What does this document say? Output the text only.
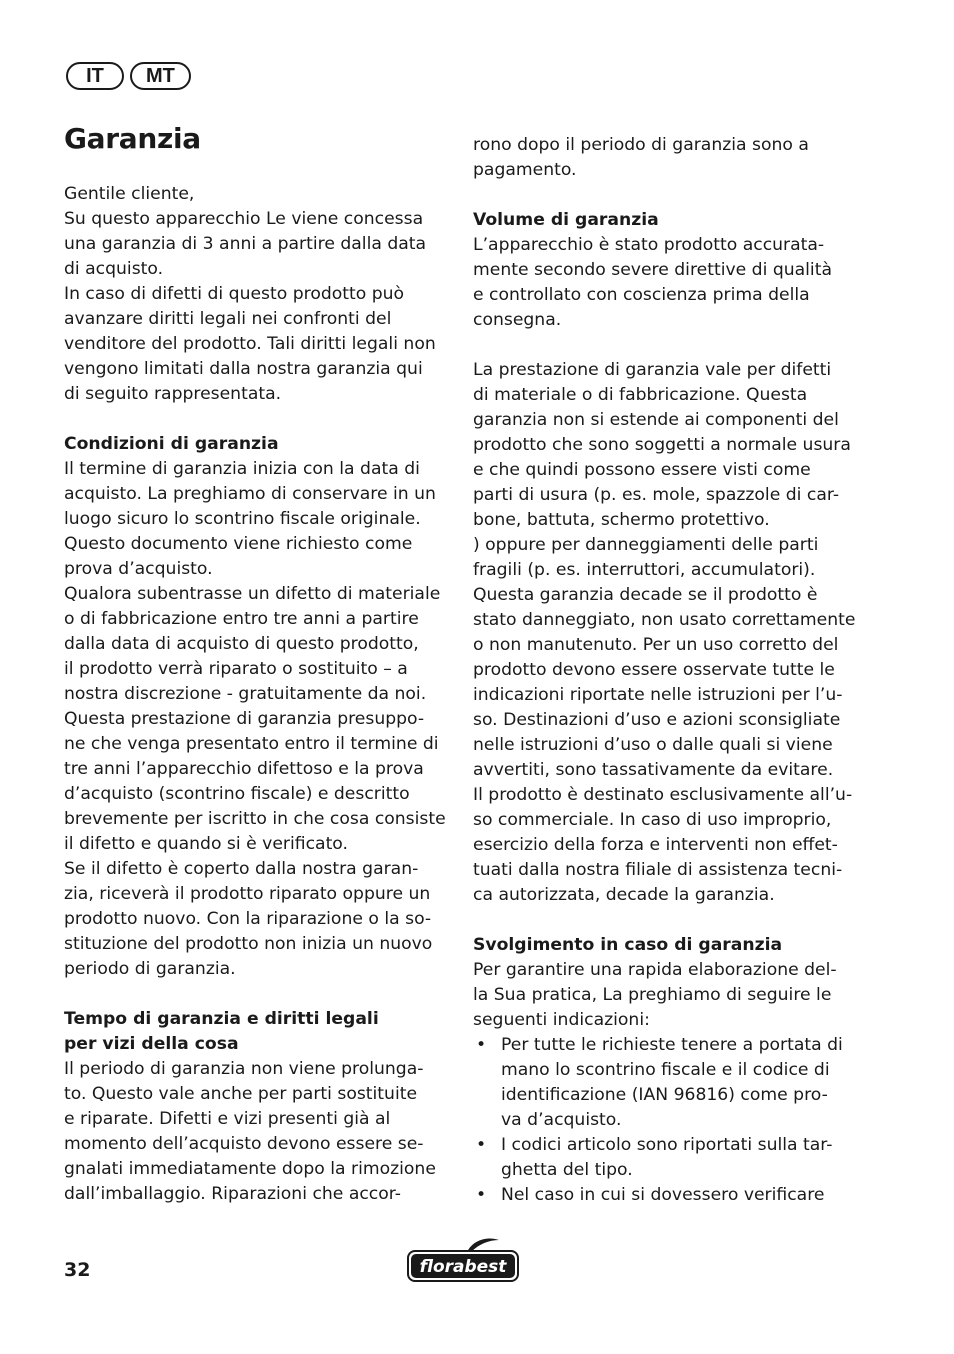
IT	MT
Garanzia

Gentile cliente,

Su questo apparecchio Le viene concessa

una garanzia di 3 anni a partire dalla data

di acquisto.

In caso di difetti di questo prodotto può

avanzare diritti legali nei confronti del

venditore del prodotto. Tali diritti legali non

vengono limitati dalla nostra garanzia qui

di seguito rappresentata.

Condizioni di garanzia

Il termine di garanzia inizia con la data di

acquisto. La preghiamo di conservare in un

luogo sicuro lo scontrino fiscale originale.

Questo documento viene richiesto come

prova d’acquisto.

Qualora subentrasse un difetto di materiale

o di fabbricazione entro tre anni a partire

dalla data di acquisto di questo prodotto,

il prodotto verrà riparato o sostituito – a

nostra discrezione - gratuitamente da noi.

Questa prestazione di garanzia presuppo-

ne che venga presentato entro il termine di

tre anni l’apparecchio difettoso e la prova

d’acquisto (scontrino fiscale) e descritto

brevemente per iscritto in che cosa consiste

il difetto e quando si è verificato.

Se il difetto è coperto dalla nostra garan-

zia, riceverà il prodotto riparato oppure un

prodotto nuovo. Con la riparazione o la so-

stituzione del prodotto non inizia un nuovo

periodo di garanzia.

Tempo di garanzia e diritti legali

per vizi della cosa

Il periodo di garanzia non viene prolunga-

to. Questo vale anche per parti sostituite

e riparate. Difetti e vizi presenti già al

momento dell’acquisto devono essere se-

gnalati immediatamente dopo la rimozione

dall’imballaggio. Riparazioni che accor-

rono dopo il periodo di garanzia sono a

pagamento.

Volume di garanzia

L’apparecchio è stato prodotto accurata-

mente secondo severe direttive di qualità

e controllato con coscienza prima della

consegna.

La prestazione di garanzia vale per difetti

di materiale o di fabbricazione. Questa

garanzia non si estende ai componenti del

prodotto che sono soggetti a normale usura

e che quindi possono essere visti come

parti di usura (p. es. mole, spazzole di car-

bone, battuta, schermo protettivo.

) oppure per danneggiamenti delle parti

fragili (p. es. interruttori, accumulatori).

Questa garanzia decade se il prodotto è

stato danneggiato, non usato correttamente

o non manutenuto. Per un uso corretto del

prodotto devono essere osservate tutte le

indicazioni riportate nelle istruzioni per l’u-

so. Destinazioni d’uso e azioni sconsigliate

nelle istruzioni d’uso o dalle quali si viene

avvertiti, sono tassativamente da evitare.

Il prodotto è destinato esclusivamente all’u-

so commerciale. In caso di uso improprio,

esercizio della forza e interventi non effet-

tuati dalla nostra filiale di assistenza tecni-

ca autorizzata, decade la garanzia.

Svolgimento in caso di garanzia

Per garantire una rapida elaborazione del-

la Sua pratica, La preghiamo di seguire le

seguenti indicazioni:

• Per tutte le richieste tenere a portata di

mano lo scontrino fiscale e il codice di

identificazione (IAN 96816) come pro-

va d’acquisto.

• I codici articolo sono riportati sulla tar-

ghetta del tipo.

• Nel caso in cui si dovessero verificare

32	florabest
